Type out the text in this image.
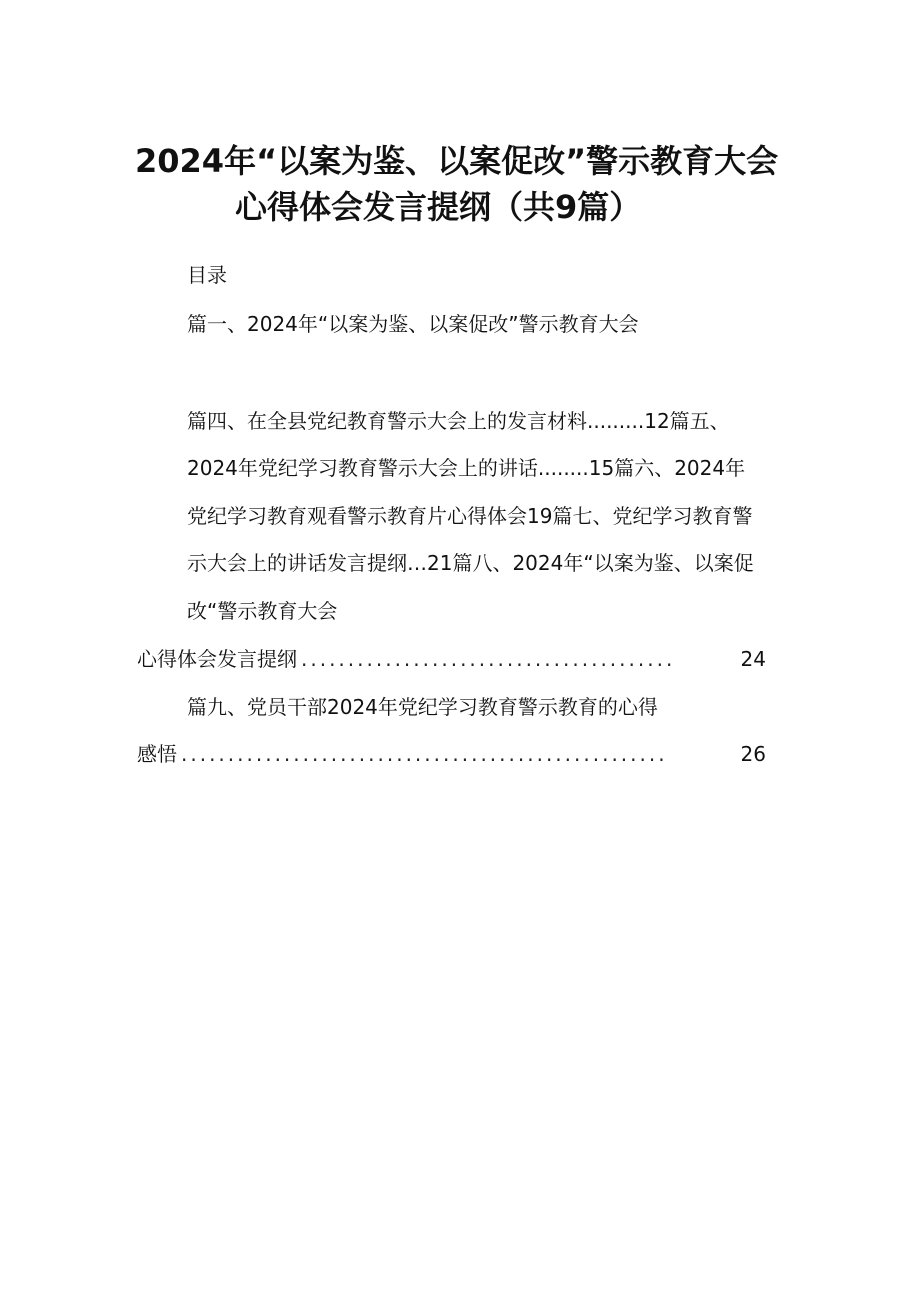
2024年“以案为鉴、以案促改”警示教育大会
心得体会发言提纲（共9篇）
目录
篇一、2024年“以案为鉴、以案促改”警示教育大会
篇四、在全县党纪教育警示大会上的发言材料.........12篇五、
2024年党纪学习教育警示大会上的讲话........15篇六、2024年
党纪学习教育观看警示教育片心得体会19篇七、党纪学习教育警
示大会上的讲话发言提纲…21篇八、2024年“以案为鉴、以案促
改“警示教育大会
心得体会发言提纲 ........................................	24
篇九、党员干部2024年党纪学习教育警示教育的心得
感悟 ....................................................	26
